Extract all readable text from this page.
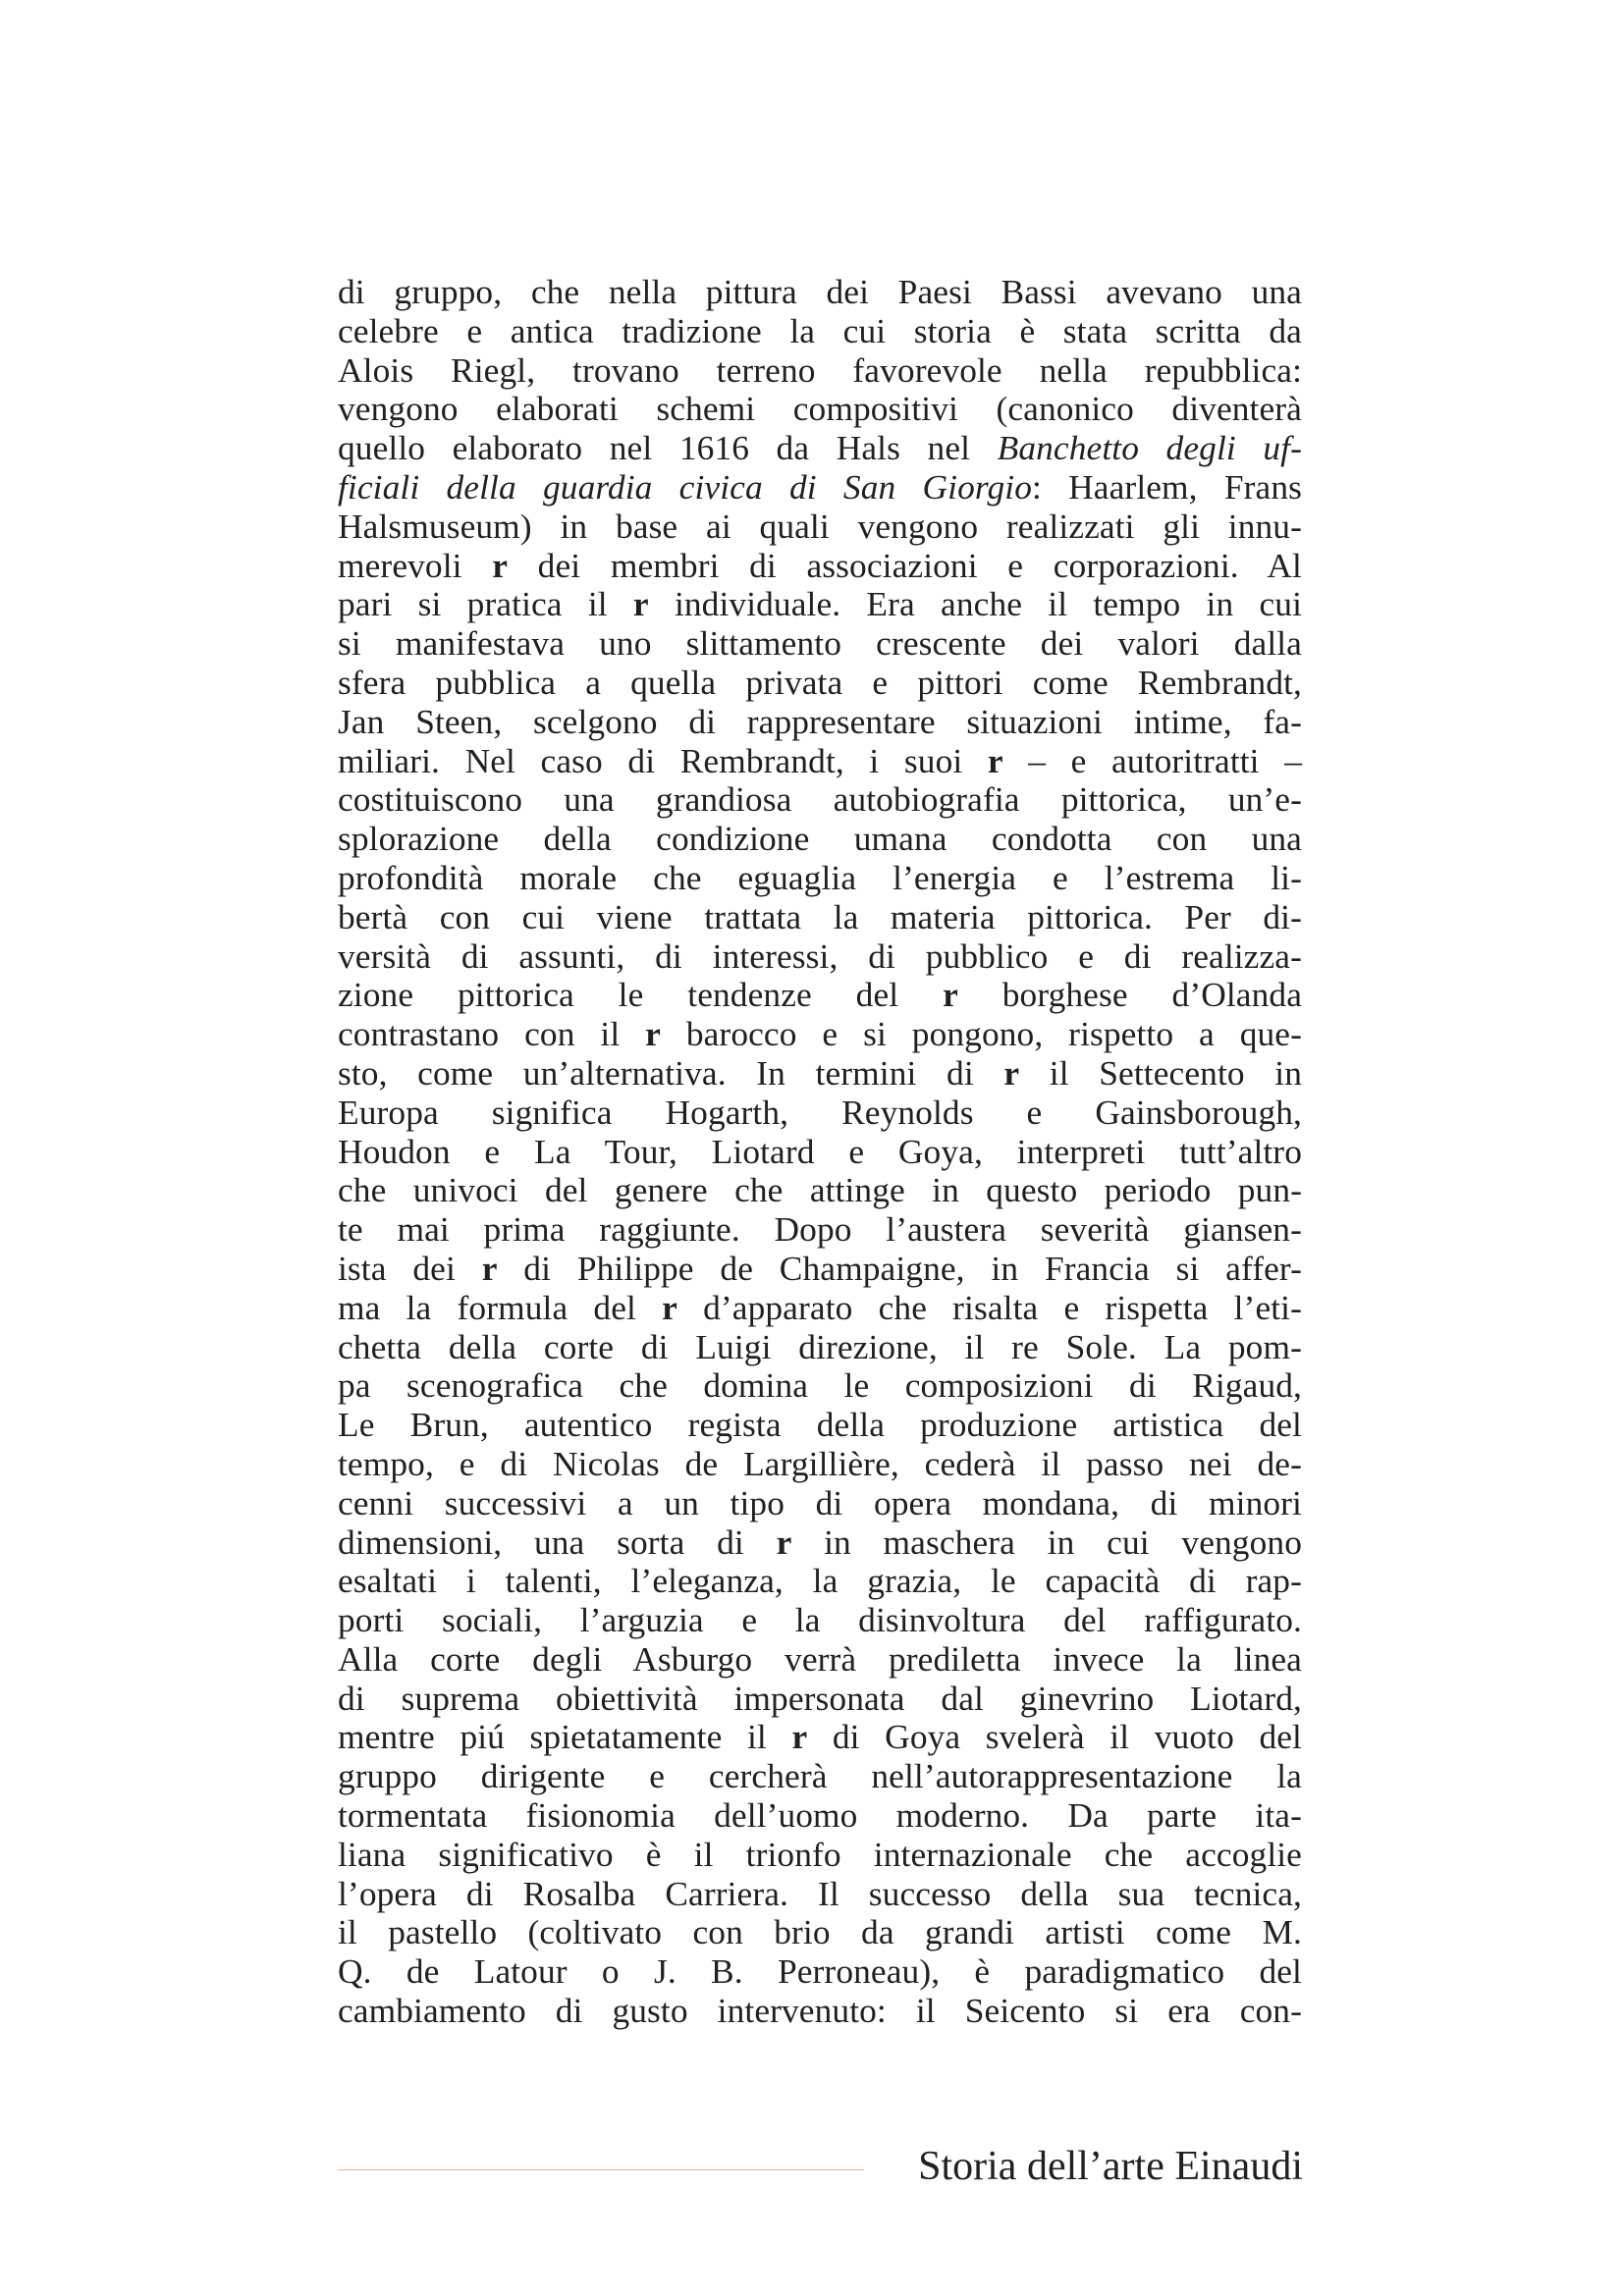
di gruppo, che nella pittura dei Paesi Bassi avevano una
celebre e antica tradizione la cui storia è stata scritta da
Alois Riegl, trovano terreno favorevole nella repubblica:
vengono elaborati schemi compositivi (canonico diventerà
quello elaborato nel 1616 da Hals nel Banchetto degli uf-
ficiali della guardia civica di San Giorgio: Haarlem, Frans
Halsmuseum) in base ai quali vengono realizzati gli innu-
merevoli r dei membri di associazioni e corporazioni. Al
pari si pratica il r individuale. Era anche il tempo in cui
si manifestava uno slittamento crescente dei valori dalla
sfera pubblica a quella privata e pittori come Rembrandt,
Jan Steen, scelgono di rappresentare situazioni intime, fa-
miliari. Nel caso di Rembrandt, i suoi r – e autoritratti –
costituiscono una grandiosa autobiografia pittorica, un’e-
splorazione della condizione umana condotta con una
profondità morale che eguaglia l’energia e l’estrema li-
bertà con cui viene trattata la materia pittorica. Per di-
versità di assunti, di interessi, di pubblico e di realizza-
zione pittorica le tendenze del r borghese d’Olanda
contrastano con il r barocco e si pongono, rispetto a que-
sto, come un’alternativa. In termini di r il Settecento in
Europa significa Hogarth, Reynolds e Gainsborough,
Houdon e La Tour, Liotard e Goya, interpreti tutt’altro
che univoci del genere che attinge in questo periodo pun-
te mai prima raggiunte. Dopo l’austera severità giansen-
ista dei r di Philippe de Champaigne, in Francia si affer-
ma la formula del r d’apparato che risalta e rispetta l’eti-
chetta della corte di Luigi direzione, il re Sole. La pom-
pa scenografica che domina le composizioni di Rigaud,
Le Brun, autentico regista della produzione artistica del
tempo, e di Nicolas de Largillière, cederà il passo nei de-
cenni successivi a un tipo di opera mondana, di minori
dimensioni, una sorta di r in maschera in cui vengono
esaltati i talenti, l’eleganza, la grazia, le capacità di rap-
porti sociali, l’arguzia e la disinvoltura del raffigurato.
Alla corte degli Asburgo verrà prediletta invece la linea
di suprema obiettività impersonata dal ginevrino Liotard,
mentre piú spietatamente il r di Goya svelerà il vuoto del
gruppo dirigente e cercherà nell’autorappresentazione la
tormentata fisionomia dell’uomo moderno. Da parte ita-
liana significativo è il trionfo internazionale che accoglie
l’opera di Rosalba Carriera. Il successo della sua tecnica,
il pastello (coltivato con brio da grandi artisti come M.
Q. de Latour o J. B. Perroneau), è paradigmatico del
cambiamento di gusto intervenuto: il Seicento si era con-
Storia dell’arte Einaudi
